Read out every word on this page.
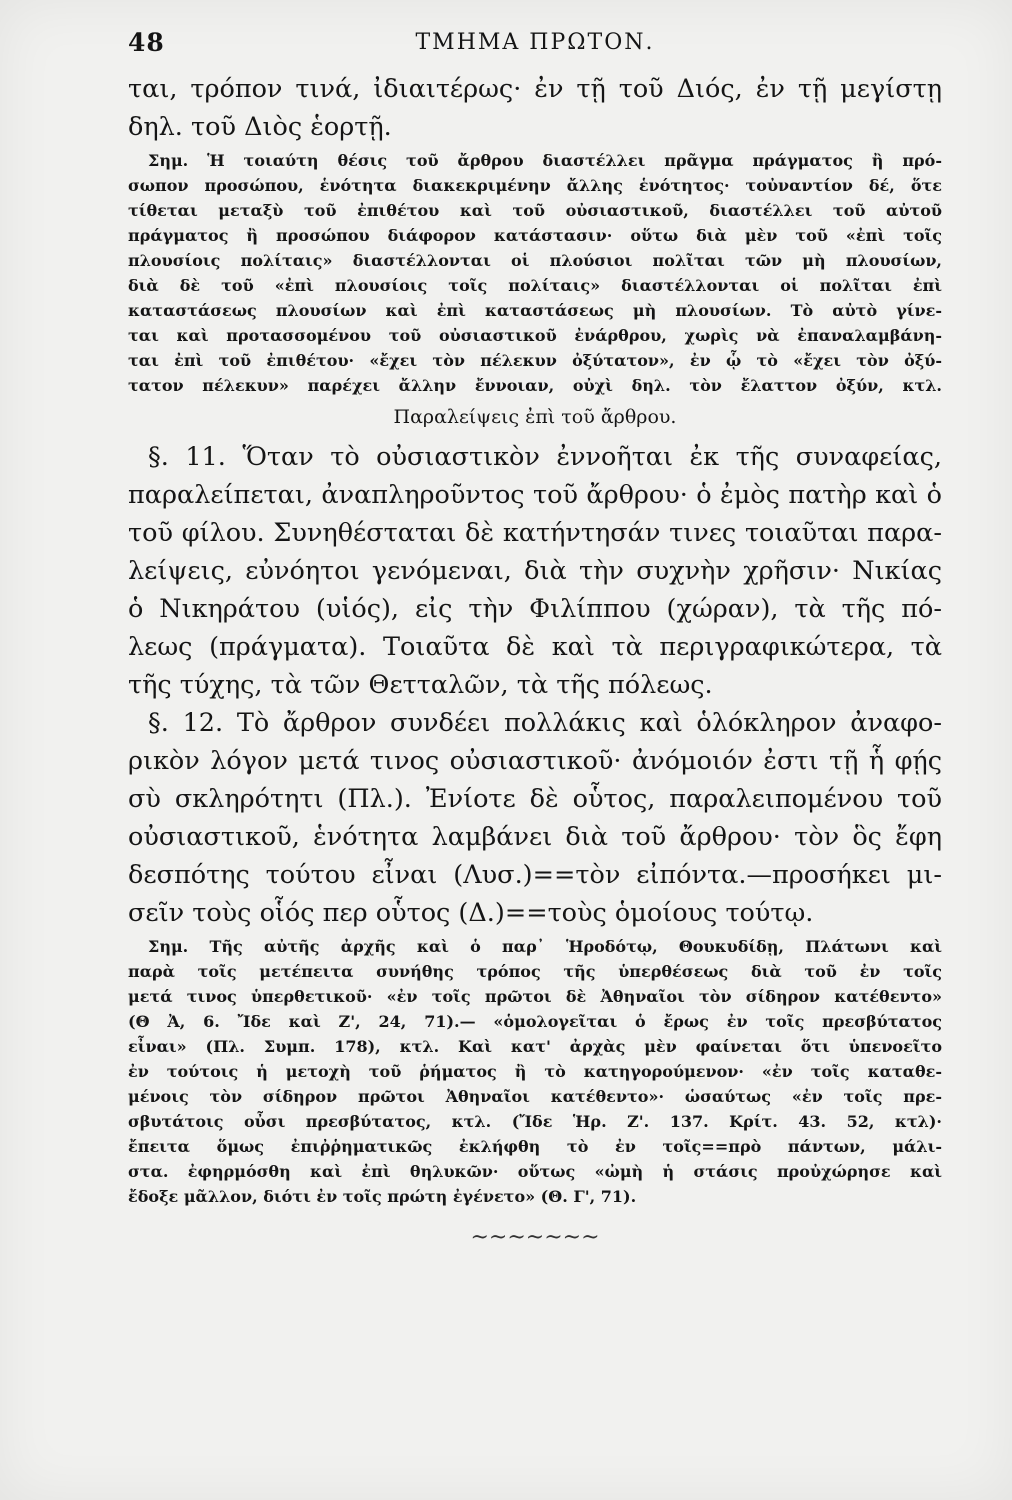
48	ΤΜΗΜΑ ΠΡΩΤΟΝ.
ται, τρόπον τινά, ἰδιαιτέρως· ἐν τῇ τοῦ Διός, ἐν τῇ μεγίστῃ
δηλ. τοῦ Διὸς ἑορτῇ.
Σημ. Ἡ τοιαύτη θέσις τοῦ ἄρθρου διαστέλλει πρᾶγμα πράγματος ἢ πρό-
σωπον προσώπου, ἑνότητα διακεκριμένην ἄλλης ἑνότητος· τοὐναντίον δέ, ὅτε
τίθεται μεταξὺ τοῦ ἐπιθέτου καὶ τοῦ οὐσιαστικοῦ, διαστέλλει τοῦ αὐτοῦ
πράγματος ἢ προσώπου διάφορον κατάστασιν· οὕτω διὰ μὲν τοῦ «ἐπὶ τοῖς
πλουσίοις πολίταις» διαστέλλονται οἱ πλούσιοι πολῖται τῶν μὴ πλουσίων,
διὰ δὲ τοῦ «ἐπὶ πλουσίοις τοῖς πολίταις» διαστέλλονται οἱ πολῖται ἐπὶ
καταστάσεως πλουσίων καὶ ἐπὶ καταστάσεως μὴ πλουσίων. Τὸ αὐτὸ γίνε-
ται καὶ προτασσομένου τοῦ οὐσιαστικοῦ ἐνάρθρου, χωρὶς νὰ ἐπαναλαμβάνη-
ται ἐπὶ τοῦ ἐπιθέτου· «ἔχει τὸν πέλεκυν ὀξύτατον», ἐν ᾧ τὸ «ἔχει τὸν ὀξύ-
τατον πέλεκυν» παρέχει ἄλλην ἔννοιαν, οὐχὶ δηλ. τὸν ἔλαττον ὀξύν, κτλ.
Παραλείψεις ἐπὶ τοῦ ἄρθρου.
§. 11. Ὅταν τὸ οὐσιαστικὸν ἐννοῆται ἐκ τῆς συναφείας,
παραλείπεται, ἀναπληροῦντος τοῦ ἄρθρου· ὁ ἐμὸς πατὴρ καὶ ὁ
τοῦ φίλου. Συνηθέσταται δὲ κατήντησάν τινες τοιαῦται παρα-
λείψεις, εὐνόητοι γενόμεναι, διὰ τὴν συχνὴν χρῆσιν· Νικίας
ὁ Νικηράτου (υἱός), εἰς τὴν Φιλίππου (χώραν), τὰ τῆς πό-
λεως (πράγματα). Τοιαῦτα δὲ καὶ τὰ περιγραφικώτερα, τὰ
τῆς τύχης, τὰ τῶν Θετταλῶν, τὰ τῆς πόλεως.
§. 12. Τὸ ἄρθρον συνδέει πολλάκις καὶ ὁλόκληρον ἀναφο-
ρικὸν λόγον μετά τινος οὐσιαστικοῦ· ἀνόμοιόν ἐστι τῇ ἧ φῄς
σὺ σκληρότητι (Πλ.). Ἐνίοτε δὲ οὗτος, παραλειπομένου τοῦ
οὐσιαστικοῦ, ἑνότητα λαμβάνει διὰ τοῦ ἄρθρου· τὸν ὃς ἔφη
δεσπότης τούτου εἶναι (Λυσ.)==τὸν εἰπόντα.—προσήκει μι-
σεῖν τοὺς οἷός περ οὗτος (Δ.)==τοὺς ὁμοίους τούτῳ.
Σημ. Τῆς αὐτῆς ἀρχῆς καὶ ὁ παρ᾽ Ἡροδότῳ, Θουκυδίδῃ, Πλάτωνι καὶ
παρὰ τοῖς μετέπειτα συνήθης τρόπος τῆς ὑπερθέσεως διὰ τοῦ ἐν τοῖς
μετά τινος ὑπερθετικοῦ· «ἐν τοῖς πρῶτοι δὲ Ἀθηναῖοι τὸν σίδηρον κατέθεντο»
(Θ Ἀ, 6. Ἴδε καὶ Ζ', 24, 71).— «ὁμολογεῖται ὁ ἔρως ἐν τοῖς πρεσβύτατος
εἶναι» (Πλ. Συμπ. 178), κτλ. Καὶ κατ' ἀρχὰς μὲν φαίνεται ὅτι ὑπενοεῖτο
ἐν τούτοις ἡ μετοχὴ τοῦ ῥήματος ἢ τὸ κατηγορούμενον· «ἐν τοῖς καταθε-
μένοις τὸν σίδηρον πρῶτοι Ἀθηναῖοι κατέθεντο»· ὡσαύτως «ἐν τοῖς πρε-
σβυτάτοις οὖσι πρεσβύτατος, κτλ. (Ἴδε Ἡρ. Ζ'. 137. Κρίτ. 43. 52, κτλ)·
ἔπειτα ὅμως ἐπιῤῥηματικῶς ἐκλήφθη τὸ ἐν τοῖς==πρὸ πάντων, μάλι-
στα. ἐφηρμόσθη καὶ ἐπὶ θηλυκῶν· οὕτως «ὠμὴ ἡ στάσις προὐχώρησε καὶ
ἔδοξε μᾶλλον, διότι ἐν τοῖς πρώτη ἐγένετο» (Θ. Γ', 71).
~~~~~~~
